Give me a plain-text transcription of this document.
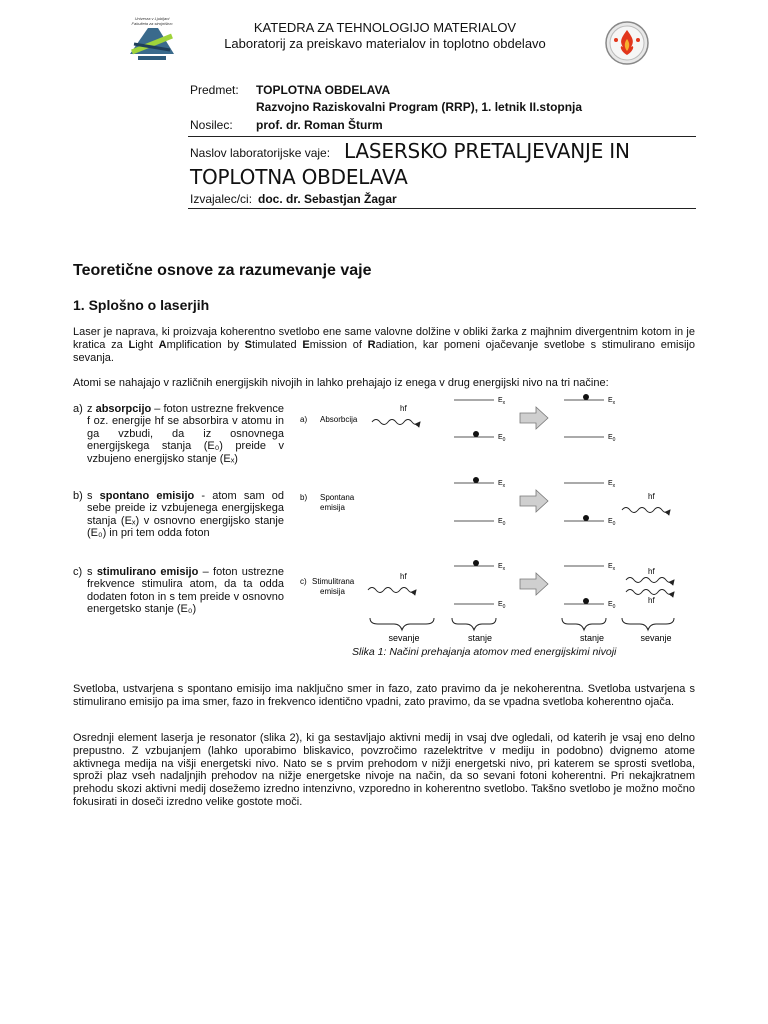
Univerza v Ljubljani
Fakulteta za strojništvo	KATEDRA ZA TEHNOLOGIJO MATERIALOV
Laboratorij za preiskavo materialov in toplotno obdelavo
Predmet: TOPLOTNA OBDELAVA
Razvojno Raziskovalni Program (RRP), 1. letnik II.stopnja
Nosilec: prof. dr. Roman Šturm
Naslov laboratorijske vaje: LASERSKO PRETALJEVANJE IN
TOPLOTNA OBDELAVA
Izvajalec/ci: doc. dr. Sebastjan Žagar
Teoretične osnove za razumevanje vaje
1. Splošno o laserjih
Laser je naprava, ki proizvaja koherentno svetlobo ene same valovne dolžine v obliki žarka z majhnim divergentnim kotom in je kratica za Light Amplification by Stimulated Emission of Radiation, kar pomeni ojačevanje svetlobe s stimulirano emisijo sevanja.
Atomi se nahajajo v različnih energijskih nivojih in lahko prehajajo iz enega v drug energijski nivo na tri načine:
a) z absorpcijo – foton ustrezne frekvence f oz. energije hf se absorbira v atomu in ga vzbudi, da iz osnovnega energijskega stanja (E₀) preide v vzbujeno energijsko stanje (Eₓ)
b) s spontano emisijo - atom sam od sebe preide iz vzbujenega energijskega stanja (Eₓ) v osnovno energijsko stanje (E₀) in pri tem odda foton
c) s stimulirano emisijo – foton ustrezne frekvence stimulira atom, da ta odda dodaten foton in s tem preide v osnovno energetsko stanje (E₀)
a) Absorbcija
hf
$E_x$
$E_0$
$E_x$
$E_0$
b) Spontana
emisija
$E_x$
$E_0$
$E_x$
$E_0$
hf
c) Stimulitrana
emisija
hf
$E_x$
$E_0$
$E_x$
$E_0$
hf
hf
sevanje	stanje	stanje	sevanje
Slika 1: Načini prehajanja atomov med energijskimi nivoji
Svetloba, ustvarjena s spontano emisijo ima naključno smer in fazo, zato pravimo da je nekoherentna. Svetloba ustvarjena s stimulirano emisijo pa ima smer, fazo in frekvenco identično vpadni, zato pravimo, da se vpadna svetloba koherentno ojača.
Osrednji element laserja je resonator (slika 2), ki ga sestavljajo aktivni medij in vsaj dve ogledali, od katerih je vsaj eno delno prepustno. Z vzbujanjem (lahko uporabimo bliskavico, povzročimo razelektritve v mediju in podobno) dvignemo atome aktivnega medija na višji energetski nivo. Nato se s prvim prehodom v nižji energetski nivo, pri katerem se sprosti svetloba, sproži plaz vseh nadaljnjih prehodov na nižje energetske nivoje na način, da so sevani fotoni koherentni. Pri nekajkratnem prehodu skozi aktivni medij dosežemo izredno intenzivno, vzporedno in koherentno svetlobo. Takšno svetlobo je možno močno fokusirati in doseči izredno velike gostote moči.
